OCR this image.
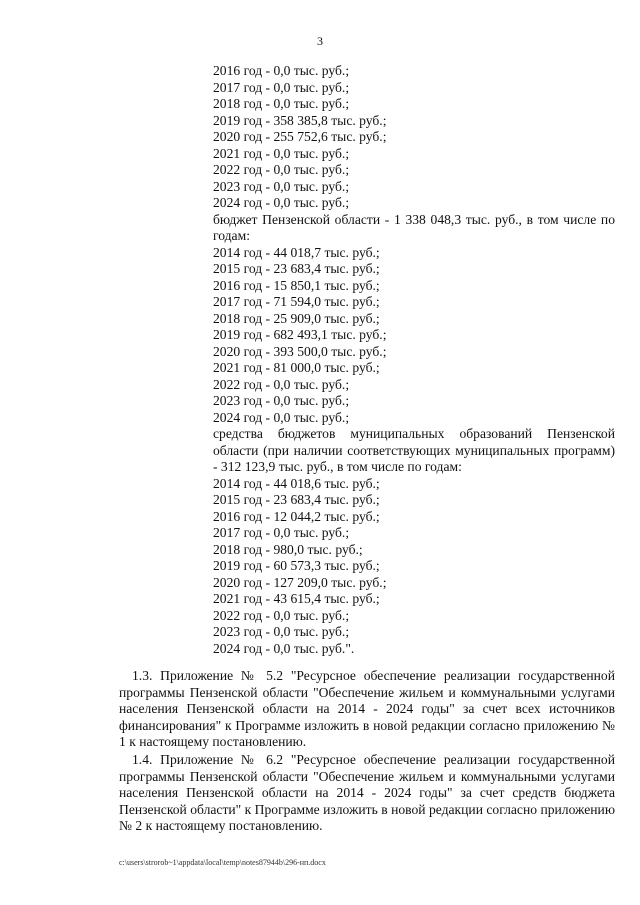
3
2016 год - 0,0 тыс. руб.;
2017 год - 0,0 тыс. руб.;
2018 год - 0,0 тыс. руб.;
2019 год - 358 385,8 тыс. руб.;
2020 год - 255 752,6 тыс. руб.;
2021 год - 0,0 тыс. руб.;
2022 год - 0,0 тыс. руб.;
2023 год - 0,0 тыс. руб.;
2024 год - 0,0 тыс. руб.;
бюджет Пензенской области - 1 338 048,3 тыс. руб., в том числе по годам:
2014 год - 44 018,7 тыс. руб.;
2015 год - 23 683,4 тыс. руб.;
2016 год - 15 850,1 тыс. руб.;
2017 год - 71 594,0 тыс. руб.;
2018 год - 25 909,0 тыс. руб.;
2019 год - 682 493,1 тыс. руб.;
2020 год - 393 500,0 тыс. руб.;
2021 год - 81 000,0 тыс. руб.;
2022 год - 0,0 тыс. руб.;
2023 год - 0,0 тыс. руб.;
2024 год - 0,0 тыс. руб.;
средства бюджетов муниципальных образований Пензенской области (при наличии соответствующих муниципальных программ) - 312 123,9 тыс. руб., в том числе по годам:
2014 год - 44 018,6 тыс. руб.;
2015 год - 23 683,4 тыс. руб.;
2016 год - 12 044,2 тыс. руб.;
2017 год - 0,0 тыс. руб.;
2018 год - 980,0 тыс. руб.;
2019 год - 60 573,3 тыс. руб.;
2020 год - 127 209,0 тыс. руб.;
2021 год - 43 615,4 тыс. руб.;
2022 год - 0,0 тыс. руб.;
2023 год - 0,0 тыс. руб.;
2024 год - 0,0 тыс. руб.".
1.3. Приложение № 5.2 "Ресурсное обеспечение реализации государственной программы Пензенской области "Обеспечение жильем и коммунальными услугами населения Пензенской области на 2014 - 2024 годы" за счет всех источников финансирования" к Программе изложить в новой редакции согласно приложению № 1 к настоящему постановлению.
1.4. Приложение № 6.2 "Ресурсное обеспечение реализации государственной программы Пензенской области "Обеспечение жильем и коммунальными услугами населения Пензенской области на 2014 - 2024 годы" за счет средств бюджета Пензенской области" к Программе изложить в новой редакции согласно приложению № 2 к настоящему постановлению.
c:\users\strorob~1\appdata\local\temp\notes87944b\296-нп.docx
